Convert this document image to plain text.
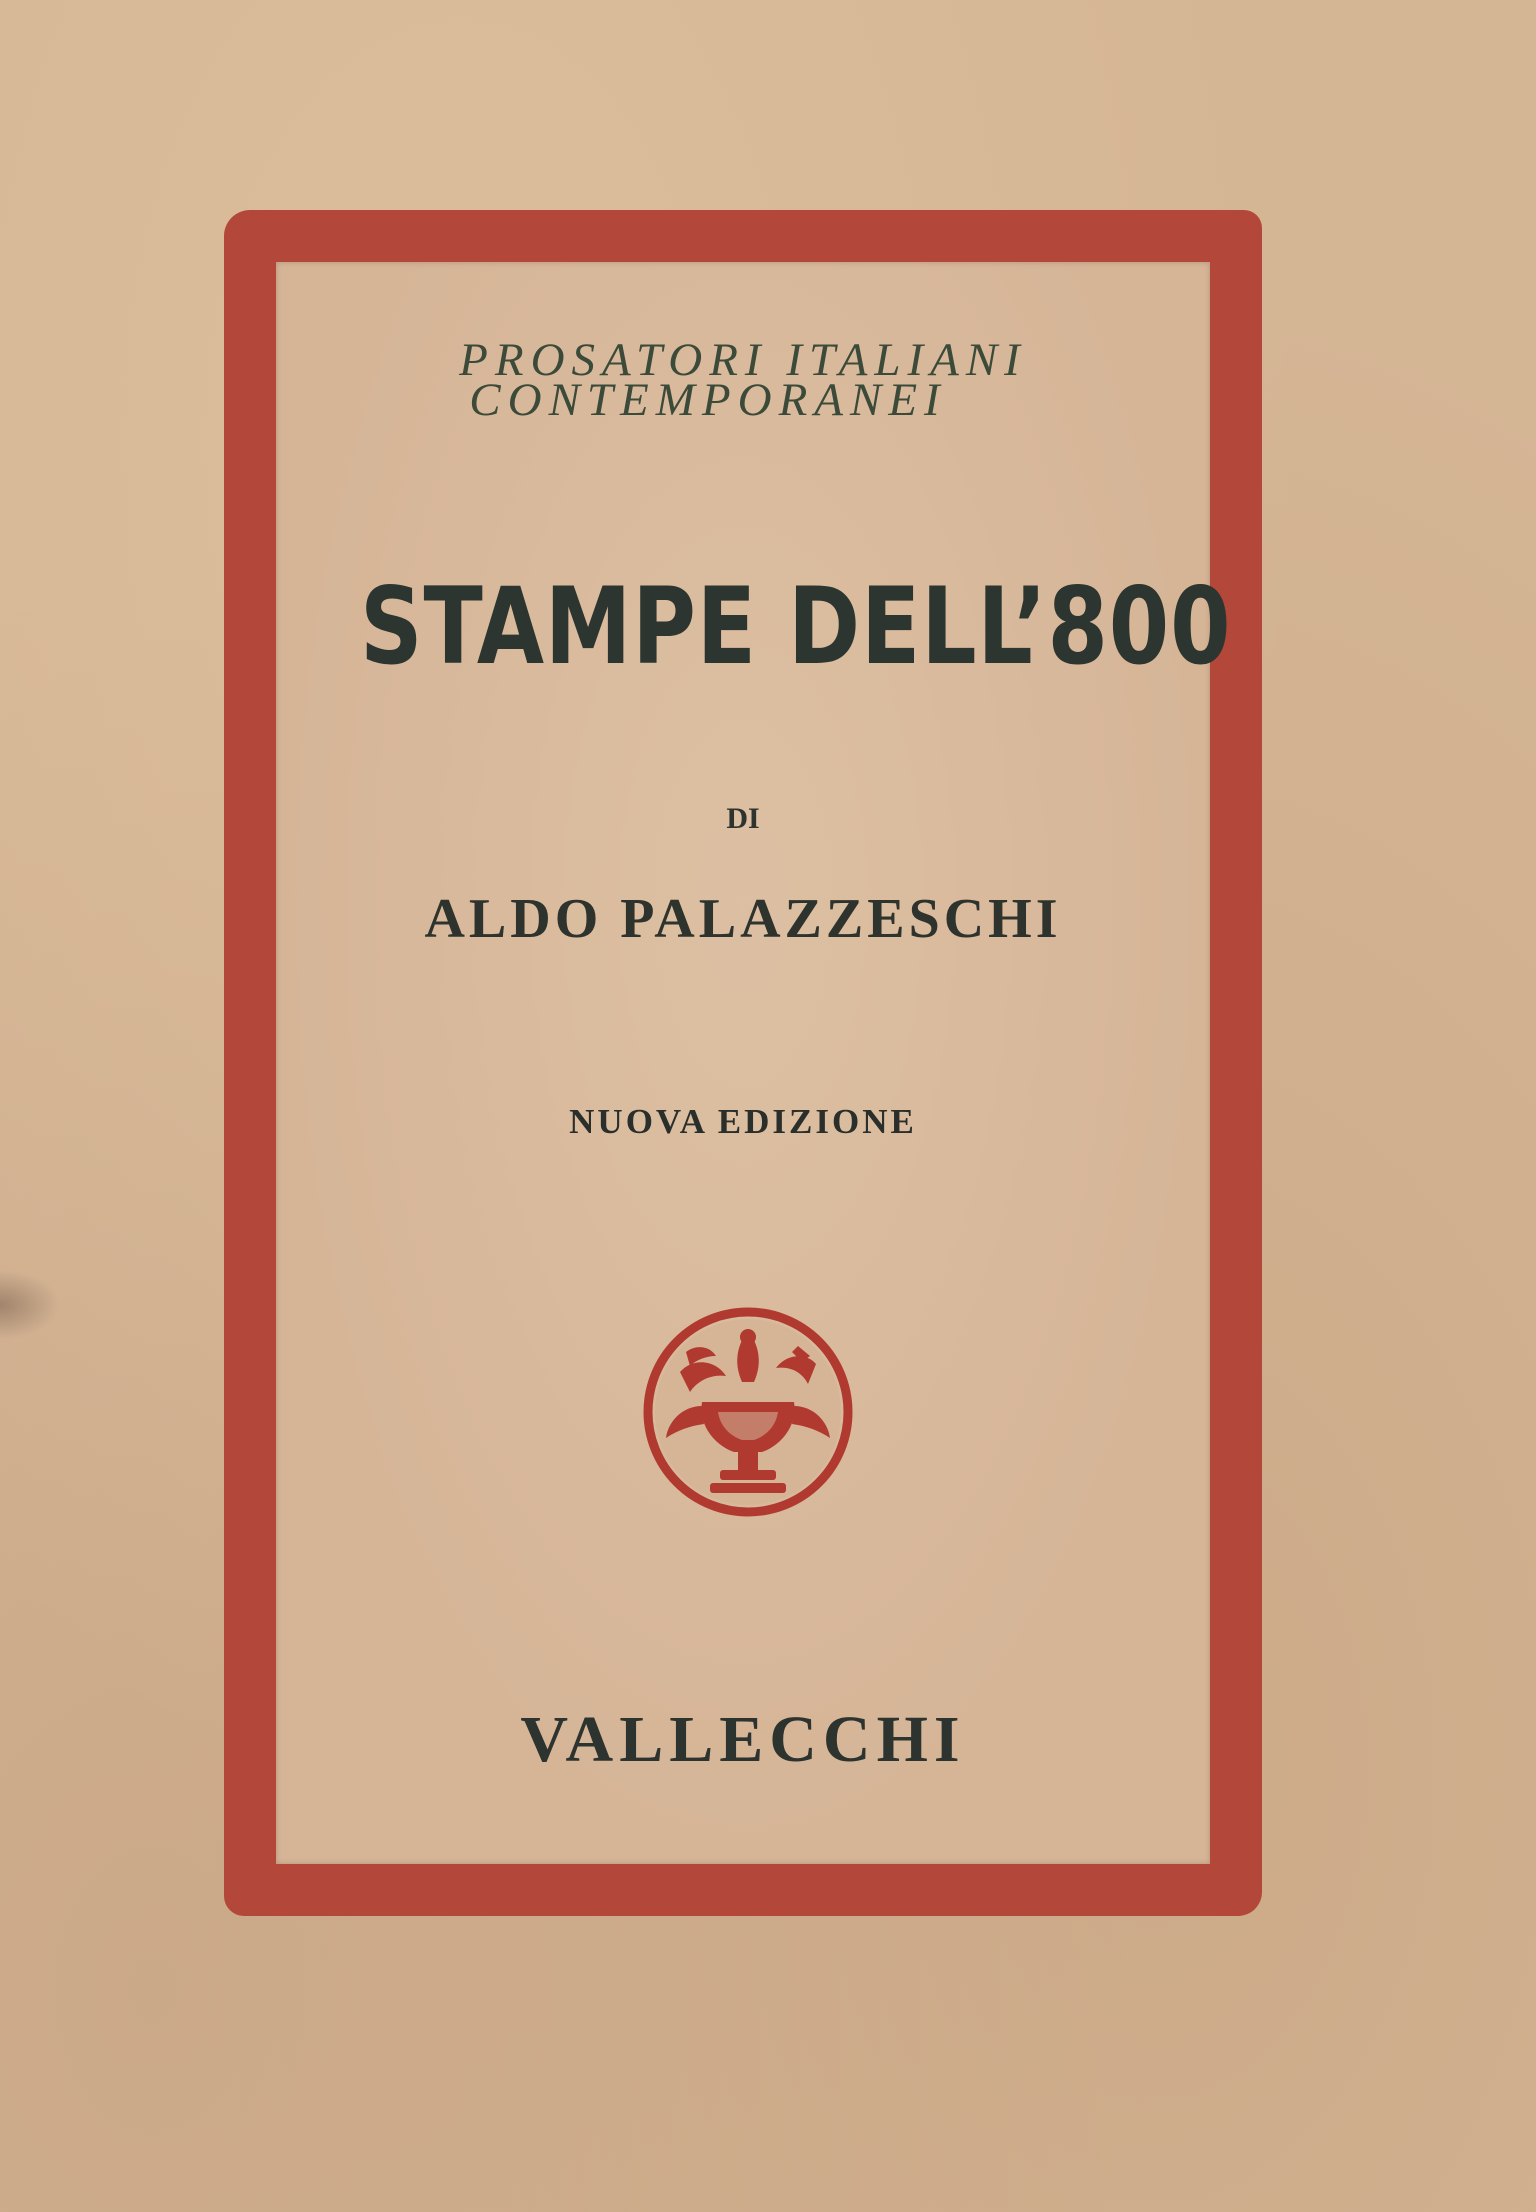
PROSATORI ITALIANI
CONTEMPORANEI
STAMPE DELL’800
DI
ALDO PALAZZESCHI
NUOVA EDIZIONE
VALLECCHI
